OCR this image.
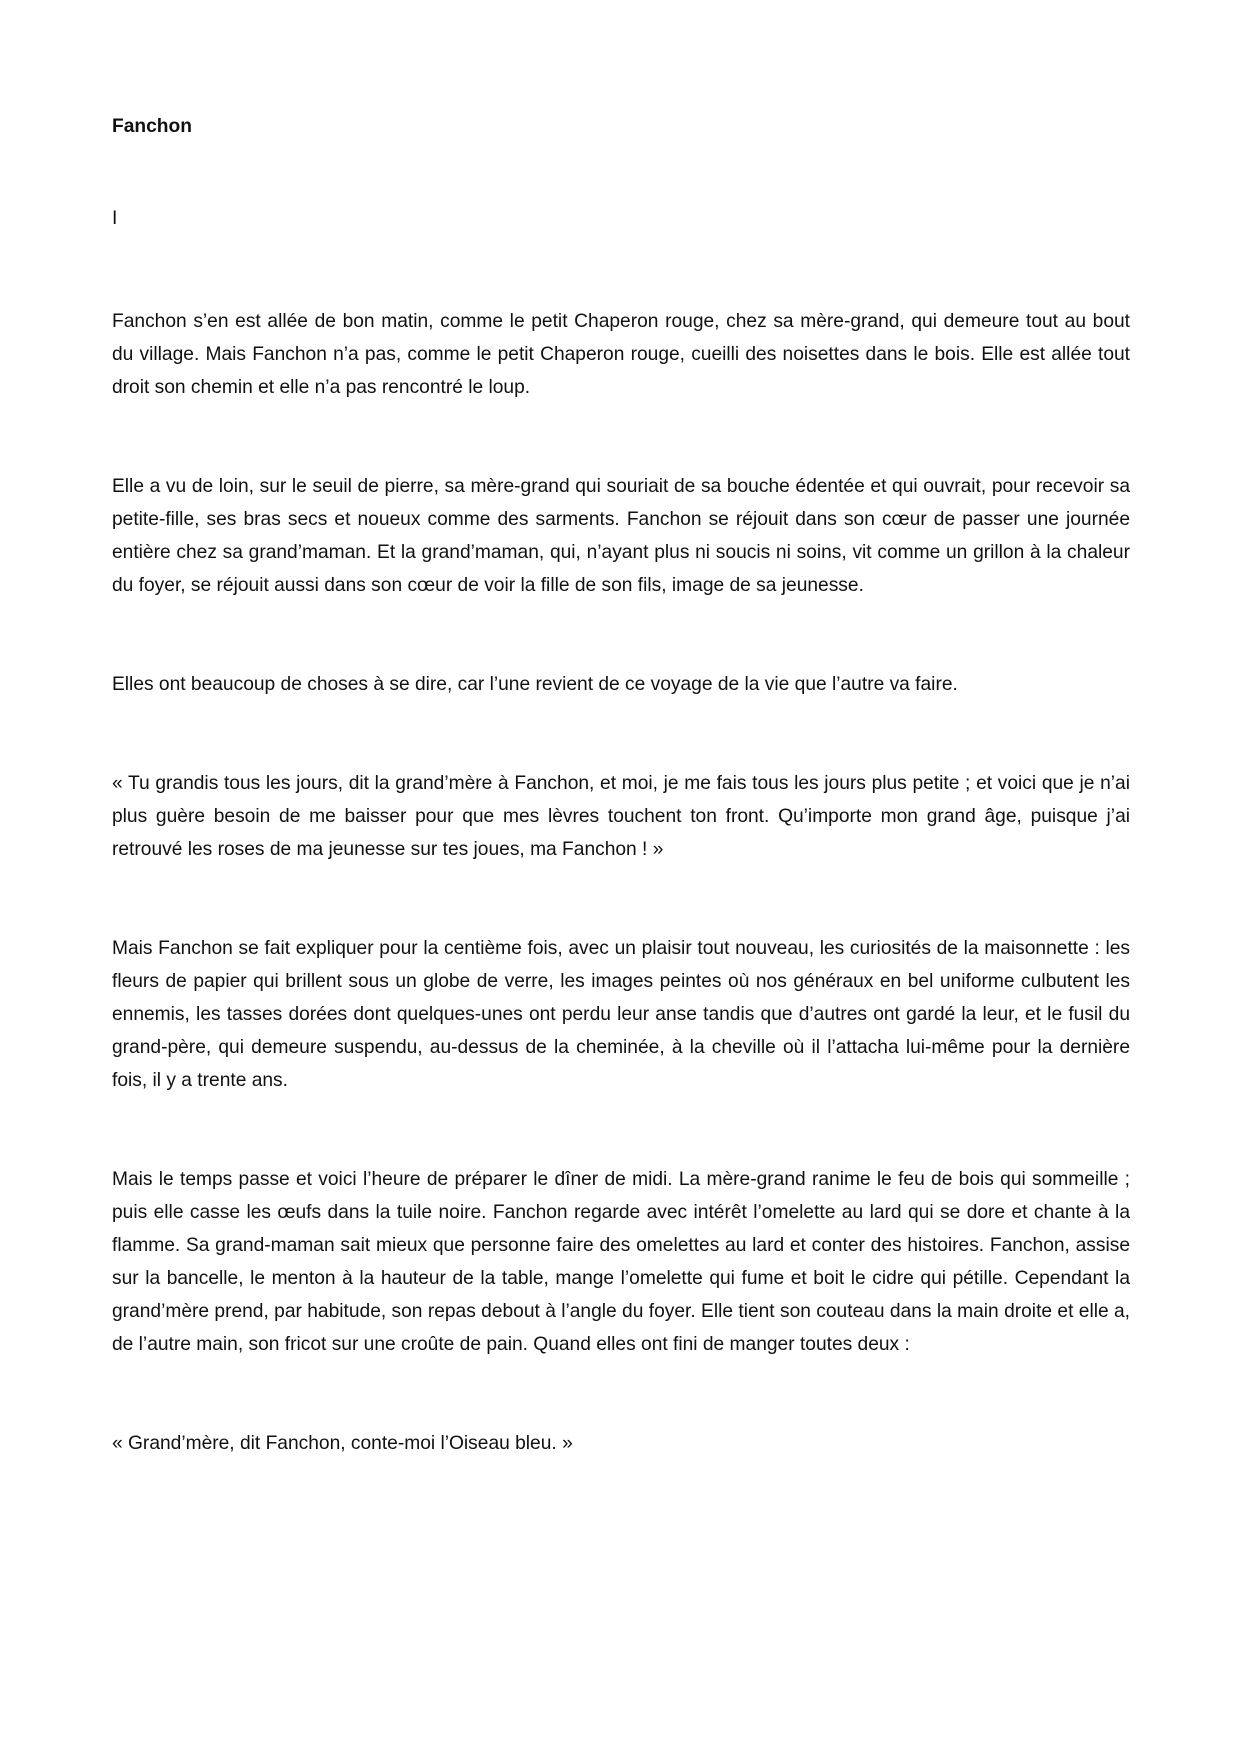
Fanchon
I

Fanchon s’en est allée de bon matin, comme le petit Chaperon rouge, chez sa mère-grand, qui demeure tout au bout du village. Mais Fanchon n’a pas, comme le petit Chaperon rouge, cueilli des noisettes dans le bois. Elle est allée tout droit son chemin et elle n’a pas rencontré le loup.

Elle a vu de loin, sur le seuil de pierre, sa mère-grand qui souriait de sa bouche édentée et qui ouvrait, pour recevoir sa petite-fille, ses bras secs et noueux comme des sarments. Fanchon se réjouit dans son cœur de passer une journée entière chez sa grand’maman. Et la grand’maman, qui, n’ayant plus ni soucis ni soins, vit comme un grillon à la chaleur du foyer, se réjouit aussi dans son cœur de voir la fille de son fils, image de sa jeunesse.

Elles ont beaucoup de choses à se dire, car l’une revient de ce voyage de la vie que l’autre va faire.

« Tu grandis tous les jours, dit la grand’mère à Fanchon, et moi, je me fais tous les jours plus petite ; et voici que je n’ai plus guère besoin de me baisser pour que mes lèvres touchent ton front. Qu’importe mon grand âge, puisque j’ai retrouvé les roses de ma jeunesse sur tes joues, ma Fanchon ! »

Mais Fanchon se fait expliquer pour la centième fois, avec un plaisir tout nouveau, les curiosités de la maisonnette : les fleurs de papier qui brillent sous un globe de verre, les images peintes où nos généraux en bel uniforme culbutent les ennemis, les tasses dorées dont quelques-unes ont perdu leur anse tandis que d’autres ont gardé la leur, et le fusil du grand-père, qui demeure suspendu, au-dessus de la cheminée, à la cheville où il l’attacha lui-même pour la dernière fois, il y a trente ans.

Mais le temps passe et voici l’heure de préparer le dîner de midi. La mère-grand ranime le feu de bois qui sommeille ; puis elle casse les œufs dans la tuile noire. Fanchon regarde avec intérêt l’omelette au lard qui se dore et chante à la flamme. Sa grand-maman sait mieux que personne faire des omelettes au lard et conter des histoires. Fanchon, assise sur la bancelle, le menton à la hauteur de la table, mange l’omelette qui fume et boit le cidre qui pétille. Cependant la grand’mère prend, par habitude, son repas debout à l’angle du foyer. Elle tient son couteau dans la main droite et elle a, de l’autre main, son fricot sur une croûte de pain. Quand elles ont fini de manger toutes deux :

« Grand’mère, dit Fanchon, conte-moi l’Oiseau bleu. »
